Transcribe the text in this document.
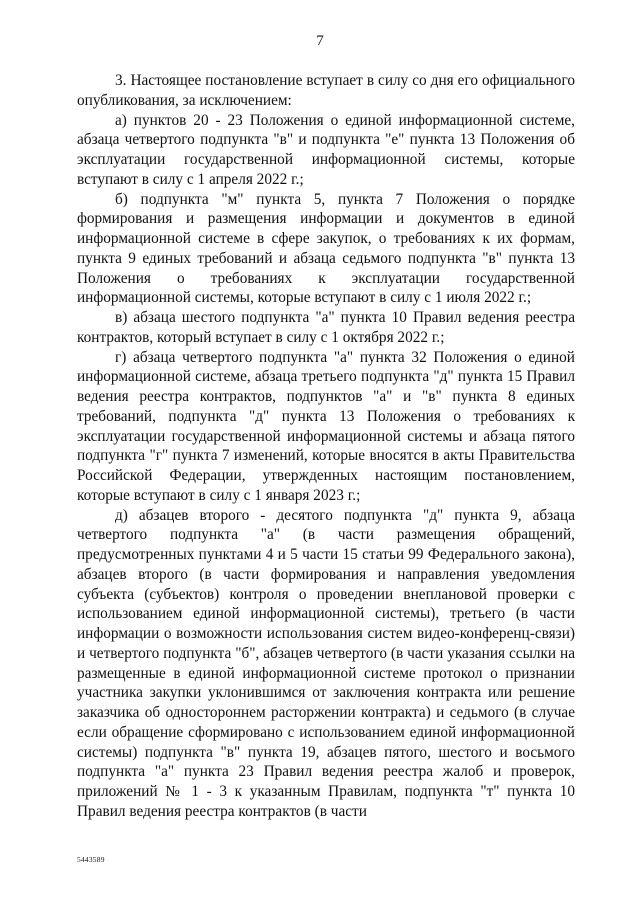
7

3. Настоящее постановление вступает в силу со дня его официального опубликования, за исключением:

а) пунктов 20 - 23 Положения о единой информационной системе, абзаца четвертого подпункта "в" и подпункта "е" пункта 13 Положения об эксплуатации государственной информационной системы, которые вступают в силу с 1 апреля 2022 г.;

б) подпункта "м" пункта 5, пункта 7 Положения о порядке формирования и размещения информации и документов в единой информационной системе в сфере закупок, о требованиях к их формам, пункта 9 единых требований и абзаца седьмого подпункта "в" пункта 13 Положения о требованиях к эксплуатации государственной информационной системы, которые вступают в силу с 1 июля 2022 г.;

в) абзаца шестого подпункта "а" пункта 10 Правил ведения реестра контрактов, который вступает в силу с 1 октября 2022 г.;

г) абзаца четвертого подпункта "а" пункта 32 Положения о единой информационной системе, абзаца третьего подпункта "д" пункта 15 Правил ведения реестра контрактов, подпунктов "а" и "в" пункта 8 единых требований, подпункта "д" пункта 13 Положения о требованиях к эксплуатации государственной информационной системы и абзаца пятого подпункта "г" пункта 7 изменений, которые вносятся в акты Правительства Российской Федерации, утвержденных настоящим постановлением, которые вступают в силу с 1 января 2023 г.;

д) абзацев второго - десятого подпункта "д" пункта 9, абзаца четвертого подпункта "а" (в части размещения обращений, предусмотренных пунктами 4 и 5 части 15 статьи 99 Федерального закона), абзацев второго (в части формирования и направления уведомления субъекта (субъектов) контроля о проведении внеплановой проверки с использованием единой информационной системы), третьего (в части информации о возможности использования систем видео-конференц-связи) и четвертого подпункта "б", абзацев четвертого (в части указания ссылки на размещенные в единой информационной системе протокол о признании участника закупки уклонившимся от заключения контракта или решение заказчика об одностороннем расторжении контракта) и седьмого (в случае если обращение сформировано с использованием единой информационной системы) подпункта "в" пункта 19, абзацев пятого, шестого и восьмого подпункта "а" пункта 23 Правил ведения реестра жалоб и проверок, приложений № 1 - 3 к указанным Правилам, подпункта "т" пункта 10 Правил ведения реестра контрактов (в части

5443589
